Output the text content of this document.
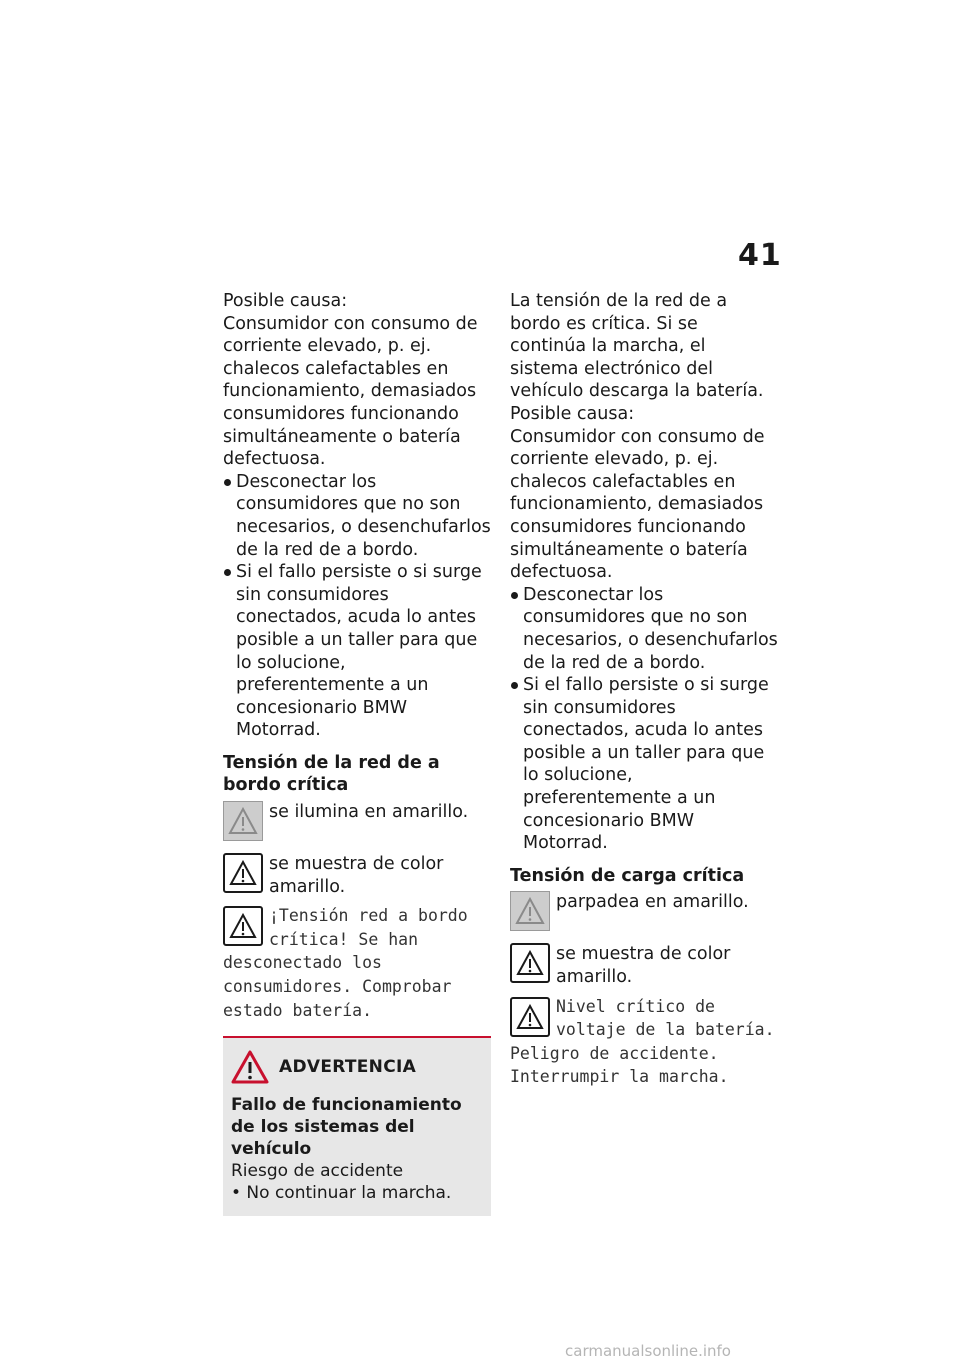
41

Posible causa:

Consumidor con consumo de corriente elevado, p. ej. chalecos calefactables en funcionamiento, demasiados consumidores funcionando simultáneamente o batería defectuosa.

Desconectar los consumidores que no son necesarios, o desenchufarlos de la red de a bordo.

Si el fallo persiste o si surge sin consumidores conectados, acuda lo antes posible a un taller para que lo solucione, preferentemente a un concesionario BMW Motorrad.

Tensión de la red de a bordo crítica

se ilumina en amarillo.
se muestra de color amarillo.
¡Tensión red a bordo crítica! Se han desconectado los consumidores. Comprobar estado batería.
ADVERTENCIA
Fallo de funcionamiento de los sistemas del vehículo
Riesgo de accidente
• No continuar la marcha.

La tensión de la red de a bordo es crítica. Si se continúa la marcha, el sistema electrónico del vehículo descarga la batería.

Posible causa:

Consumidor con consumo de corriente elevado, p. ej. chalecos calefactables en funcionamiento, demasiados consumidores funcionando simultáneamente o batería defectuosa.

Desconectar los consumidores que no son necesarios, o desenchufarlos de la red de a bordo.

Si el fallo persiste o si surge sin consumidores conectados, acuda lo antes posible a un taller para que lo solucione, preferentemente a un concesionario BMW Motorrad.

Tensión de carga crítica

parpadea en amarillo.
se muestra de color amarillo.
Nivel crítico de voltaje de la batería. Peligro de accidente. Interrumpir la marcha.
carmanualsonline.info
